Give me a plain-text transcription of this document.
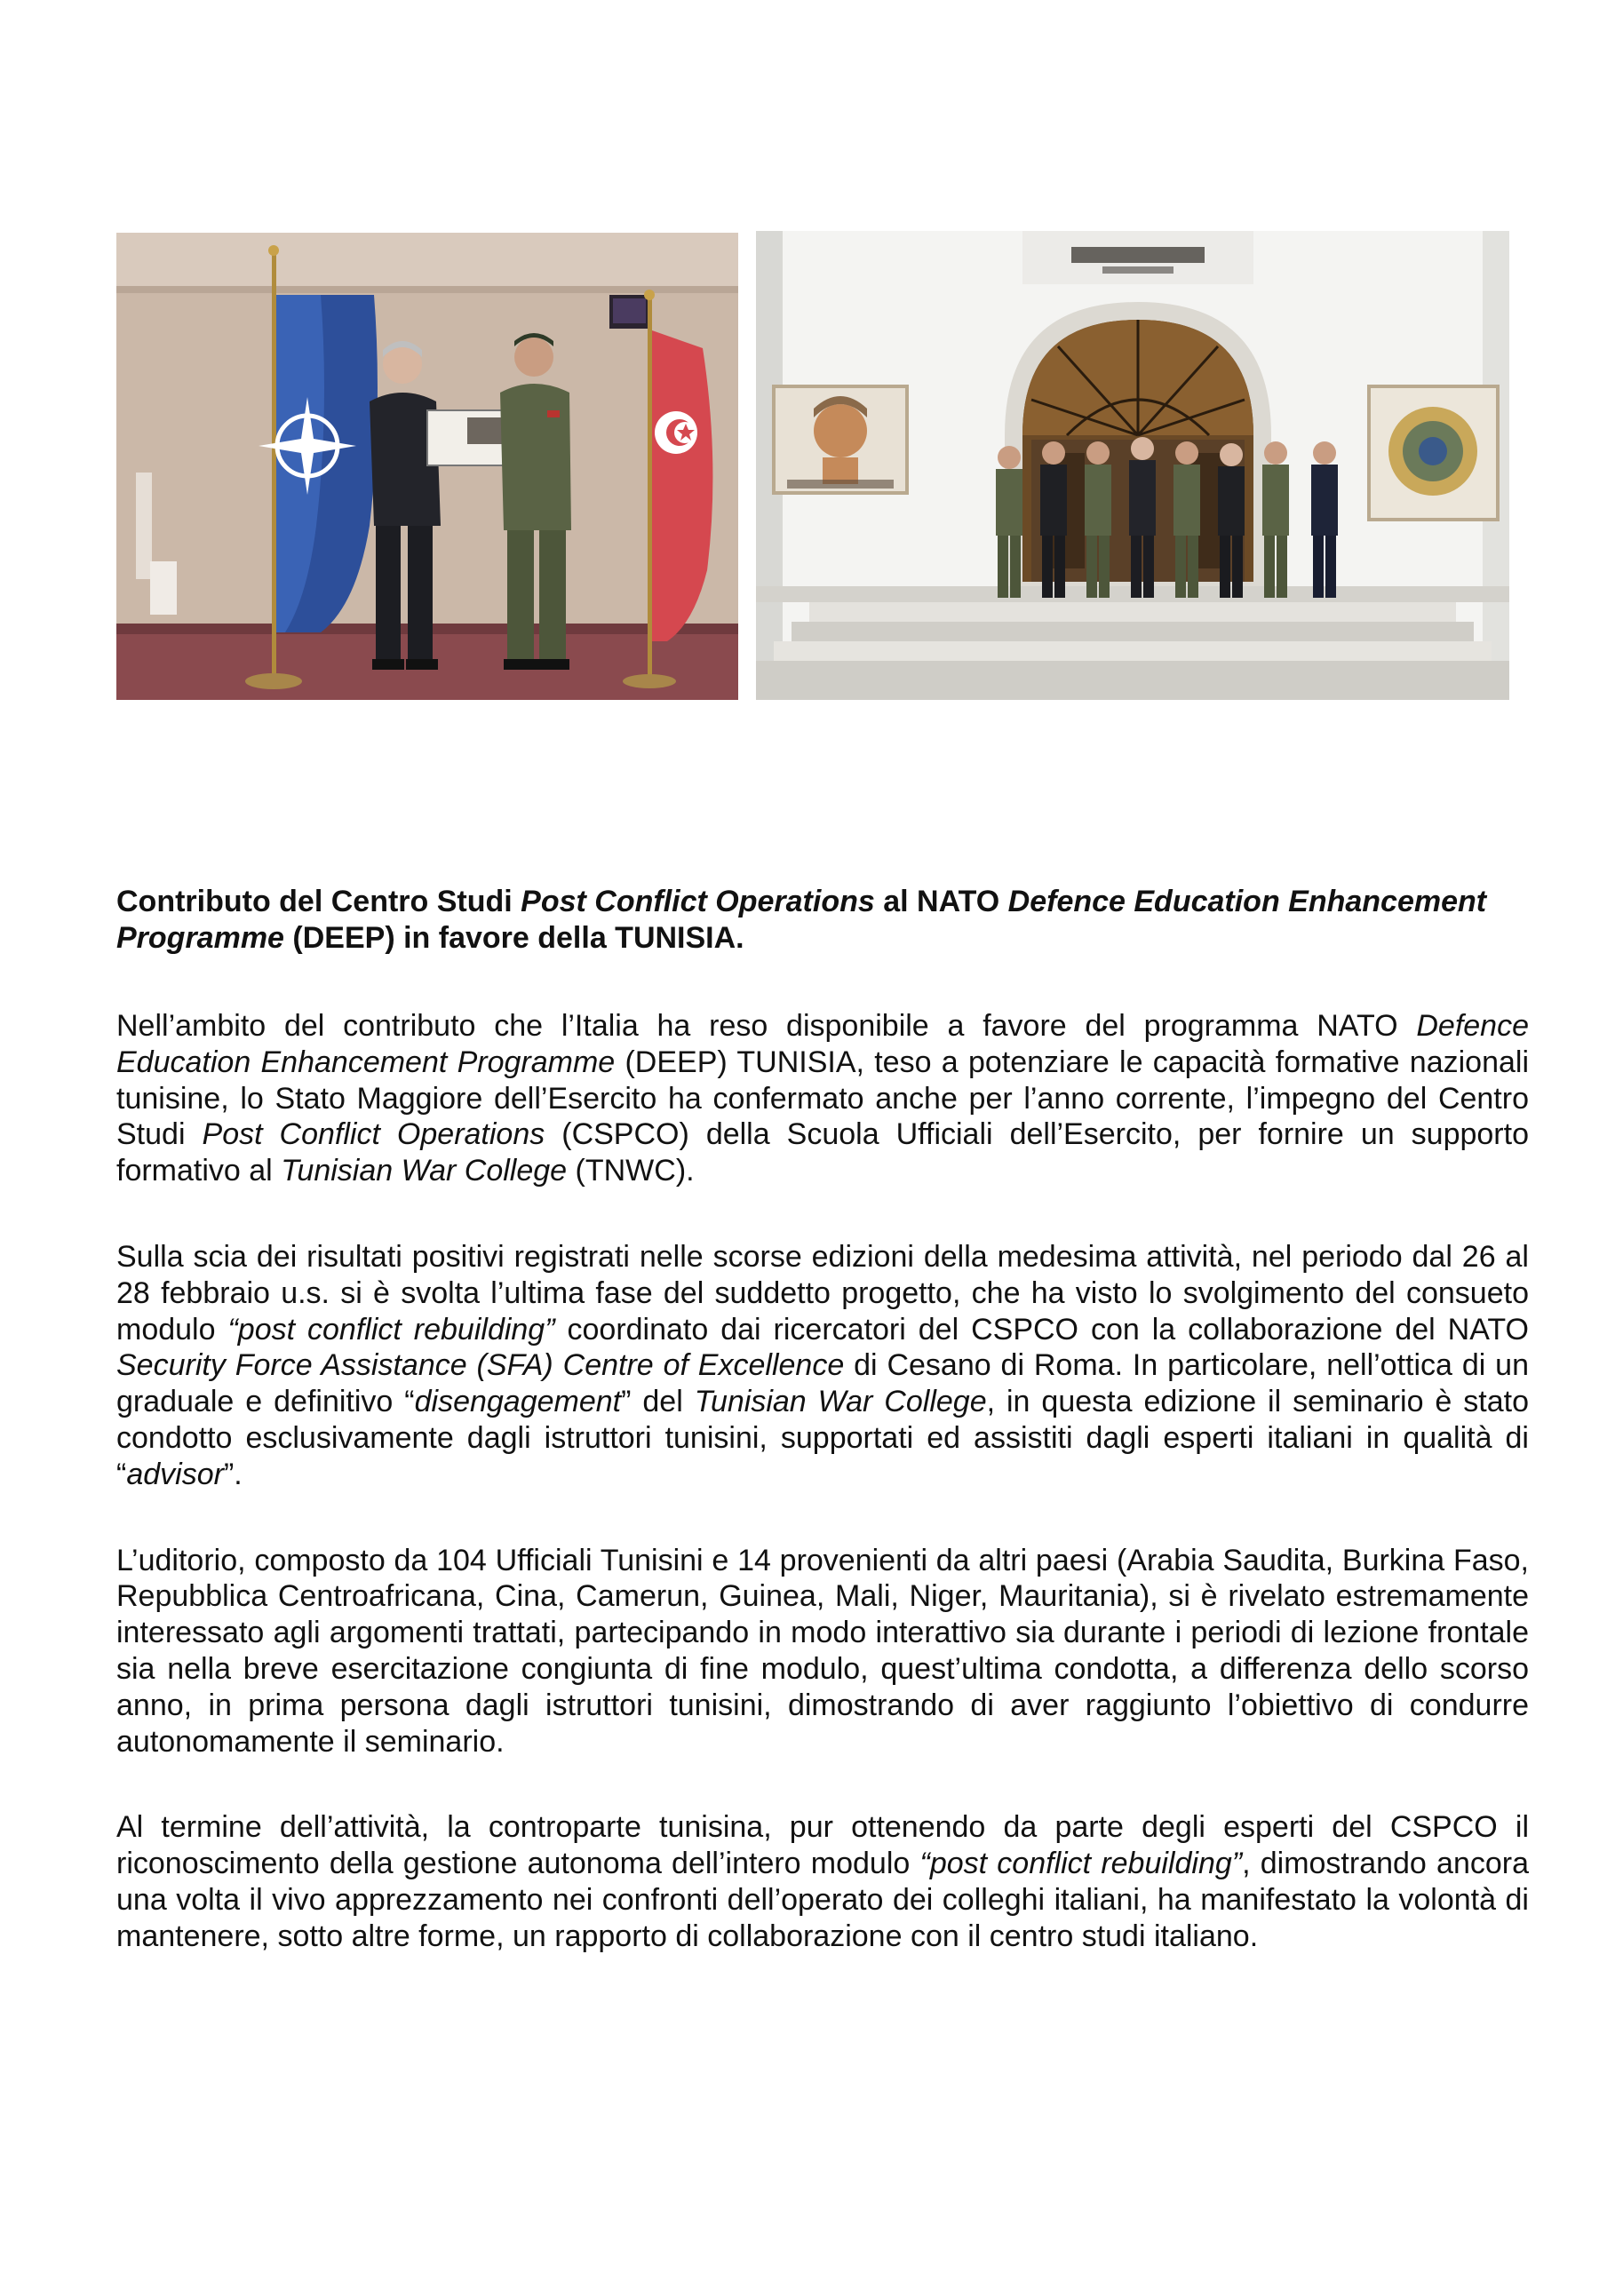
Contributo del Centro Studi Post Conflict Operations al NATO Defence Education Enhancement Programme (DEEP) in favore della TUNISIA.

Nell’ambito del contributo che l’Italia ha reso disponibile a favore del programma NATO Defence Education Enhancement Programme (DEEP) TUNISIA, teso a potenziare le capacità formative nazionali tunisine, lo Stato Maggiore dell’Esercito ha confermato anche per l’anno corrente, l’impegno del Centro Studi Post Conflict Operations (CSPCO) della Scuola Ufficiali dell’Esercito, per fornire un supporto formativo al Tunisian War College (TNWC).

Sulla scia dei risultati positivi registrati nelle scorse edizioni della medesima attività, nel periodo dal 26 al 28 febbraio u.s. si è svolta l’ultima fase del suddetto progetto, che ha visto lo svolgimento del consueto modulo “post conflict rebuilding” coordinato dai ricercatori del CSPCO con la collaborazione del NATO Security Force Assistance (SFA) Centre of Excellence di Cesano di Roma. In particolare, nell’ottica di un graduale e definitivo “disengagement” del Tunisian War College, in questa edizione il seminario è stato condotto esclusivamente dagli istruttori tunisini, supportati ed assistiti dagli esperti italiani in qualità di “advisor”.

L’uditorio, composto da 104 Ufficiali Tunisini e 14 provenienti da altri paesi (Arabia Saudita, Burkina Faso, Repubblica Centroafricana, Cina, Camerun, Guinea, Mali, Niger, Mauritania), si è rivelato estremamente interessato agli argomenti trattati, partecipando in modo interattivo sia durante i periodi di lezione frontale sia nella breve esercitazione congiunta di fine modulo, quest’ultima condotta, a differenza dello scorso anno, in prima persona dagli istruttori tunisini, dimostrando di aver raggiunto l’obiettivo di condurre autonomamente il seminario.

Al termine dell’attività, la controparte tunisina, pur ottenendo da parte degli esperti del CSPCO il riconoscimento della gestione autonoma dell’intero modulo “post conflict rebuilding”, dimostrando ancora una volta il vivo apprezzamento nei confronti dell’operato dei colleghi italiani, ha manifestato la volontà di mantenere, sotto altre forme, un rapporto di collaborazione con il centro studi italiano.
